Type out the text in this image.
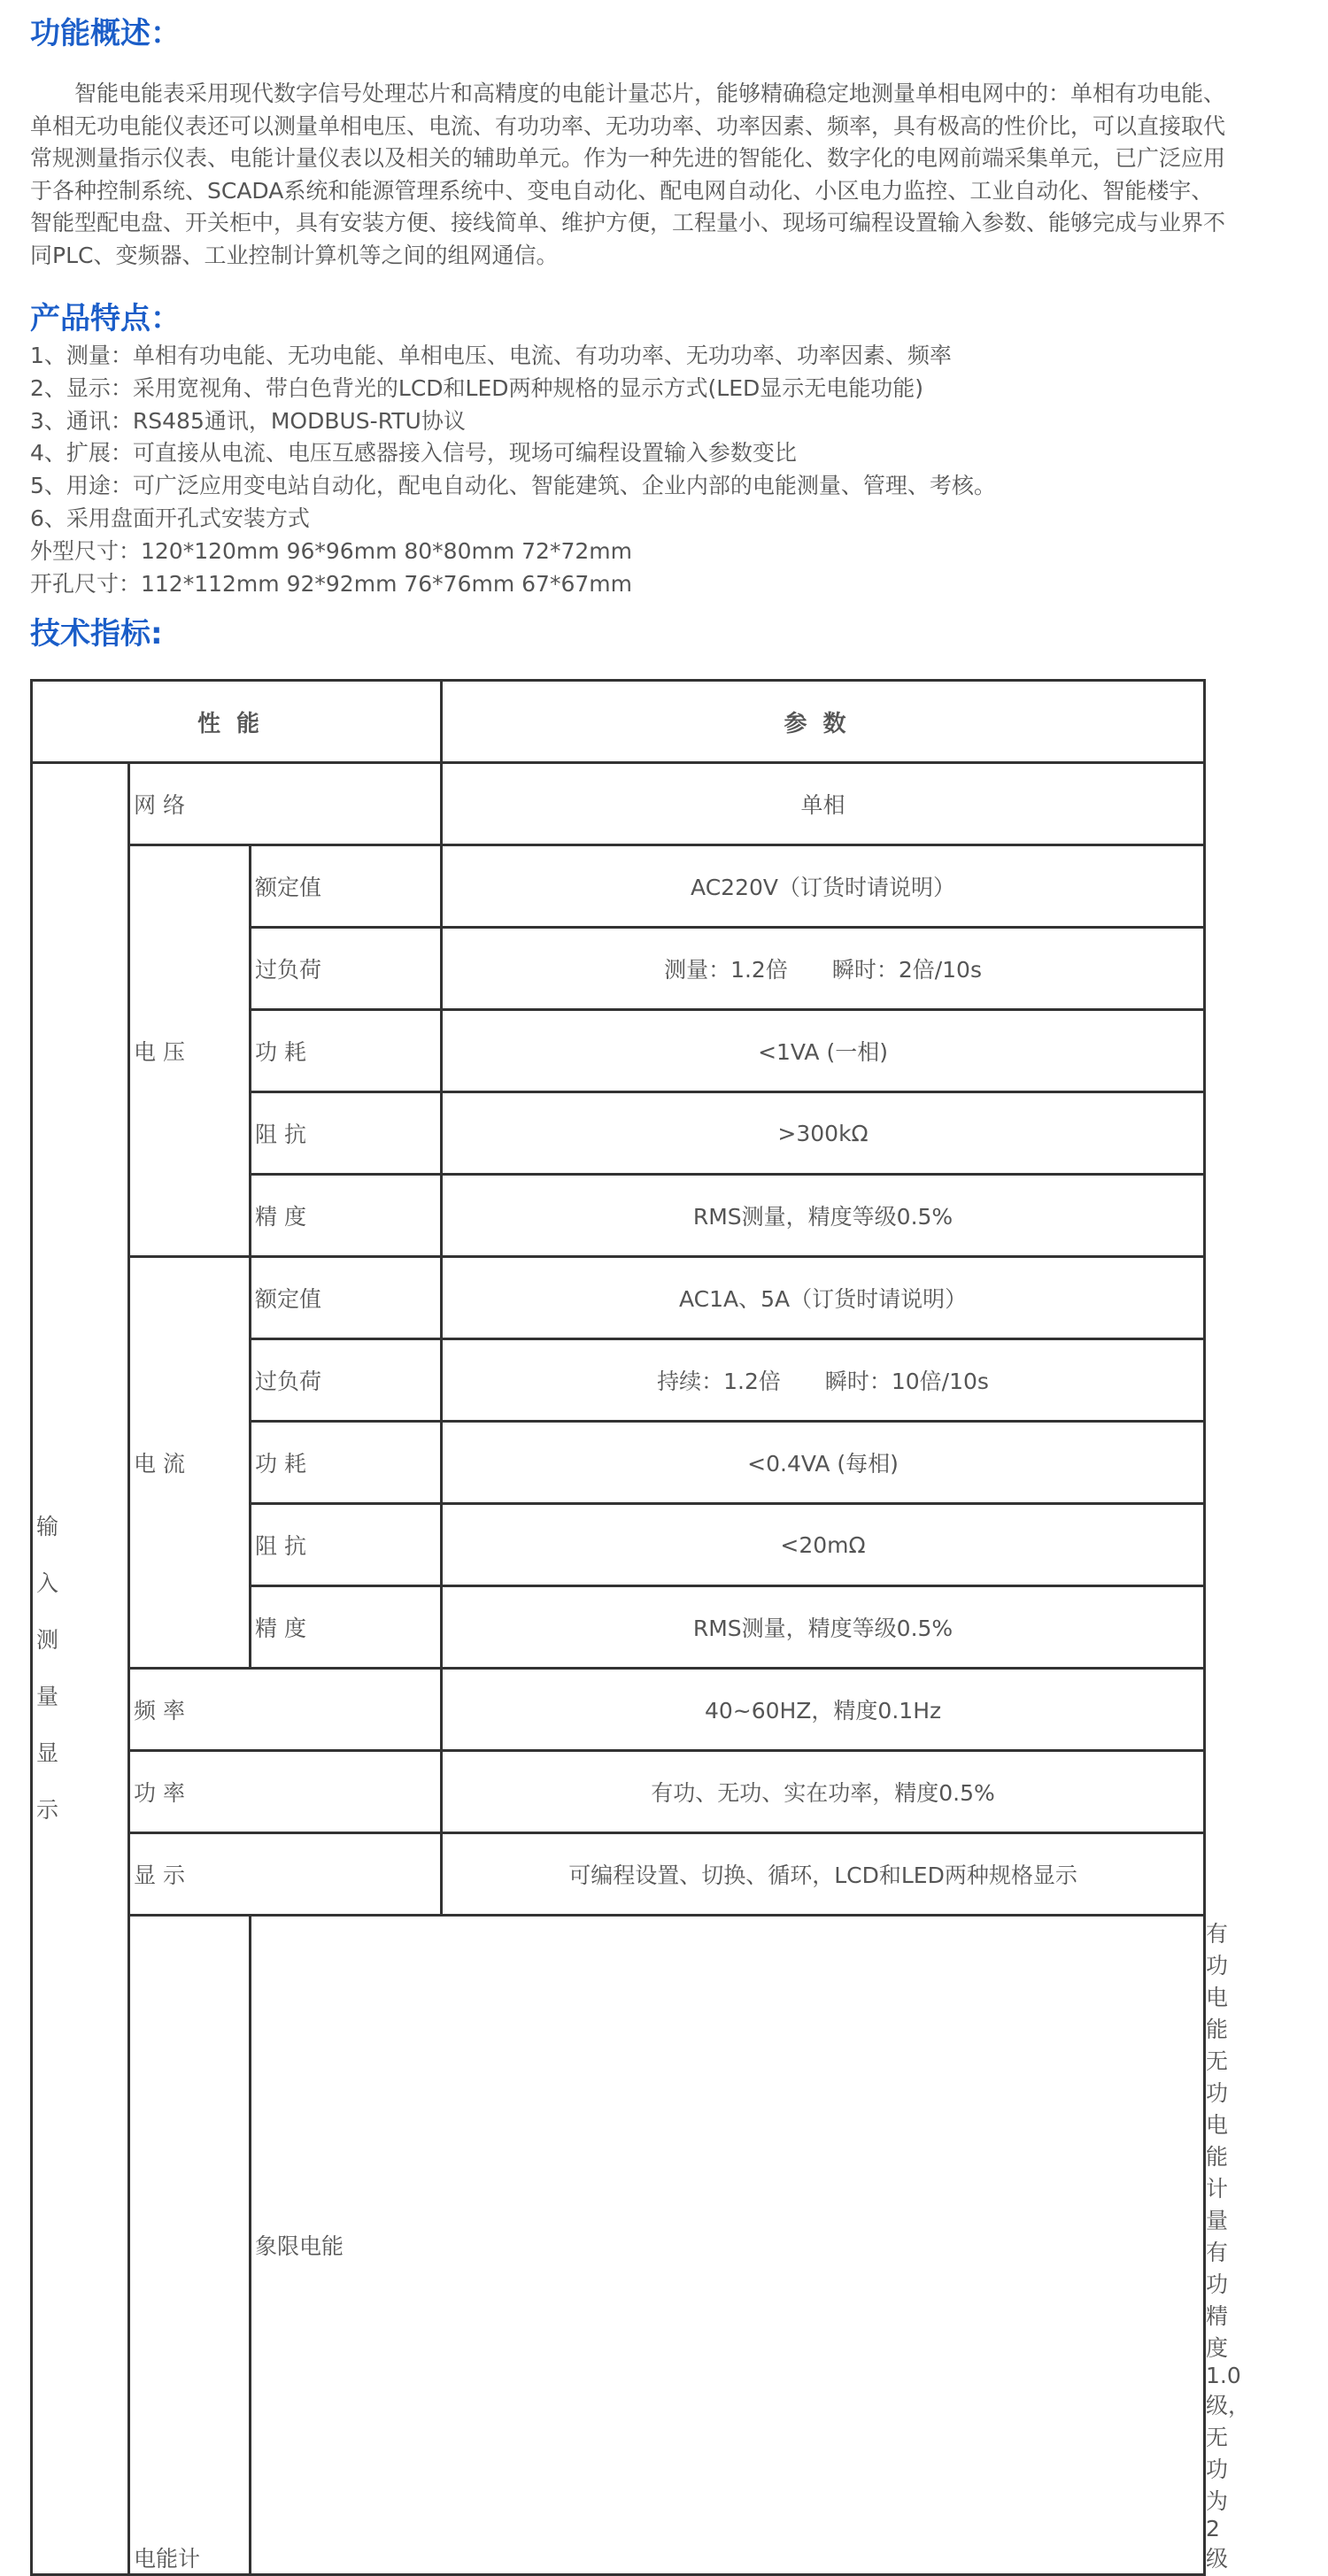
功能概述：

智能电能表采用现代数字信号处理芯片和高精度的电能计量芯片，能够精确稳定地测量单相电网中的：单相有功电能、单相无功电能仪表还可以测量单相电压、电流、有功功率、无功功率、功率因素、频率，具有极高的性价比，可以直接取代常规测量指示仪表、电能计量仪表以及相关的辅助单元。作为一种先进的智能化、数字化的电网前端采集单元，已广泛应用于各种控制系统、SCADA系统和能源管理系统中、变电自动化、配电网自动化、小区电力监控、工业自动化、智能楼宇、智能型配电盘、开关柜中，具有安装方便、接线简单、维护方便，工程量小、现场可编程设置输入参数、能够完成与业界不同PLC、变频器、工业控制计算机等之间的组网通信。

产品特点：
1、测量：单相有功电能、无功电能、单相电压、电流、有功功率、无功功率、功率因素、频率
2、显示：采用宽视角、带白色背光的LCD和LED两种规格的显示方式(LED显示无电能功能)
3、通讯：RS485通讯，MODBUS-RTU协议
4、扩展：可直接从电流、电压互感器接入信号，现场可编程设置输入参数变比
5、用途：可广泛应用变电站自动化，配电自动化、智能建筑、企业内部的电能测量、管理、考核。
6、采用盘面开孔式安装方式
外型尺寸：120*120mm 96*96mm 80*80mm 72*72mm
开孔尺寸：112*112mm 92*92mm 76*76mm 67*67mm
技术指标:
性能			参数	

输入测量显示	网 络		单相	
	电 压	额定值	AC220V（订货时请说明）	
		过负荷	测量：1.2倍　　瞬时：2倍/10s	
		功 耗	<1VA (一相)	
		阻 抗	>300kΩ	
		精 度	RMS测量，精度等级0.5%	
	电 流	额定值	AC1A、5A（订货时请说明）	
		过负荷	持续：1.2倍　　瞬时：10倍/10s	
		功 耗	<0.4VA (每相)	
		阻 抗	<20mΩ	
		精 度	RMS测量，精度等级0.5%	
	频 率		40~60HZ，精度0.1Hz	
	功 率		有功、无功、实在功率，精度0.5%	
	显 示		可编程设置、切换、循环，LCD和LED两种规格显示	
	电能计	象限电能		有功电能无功电能计量 有功精度1.0级，无功为2级
